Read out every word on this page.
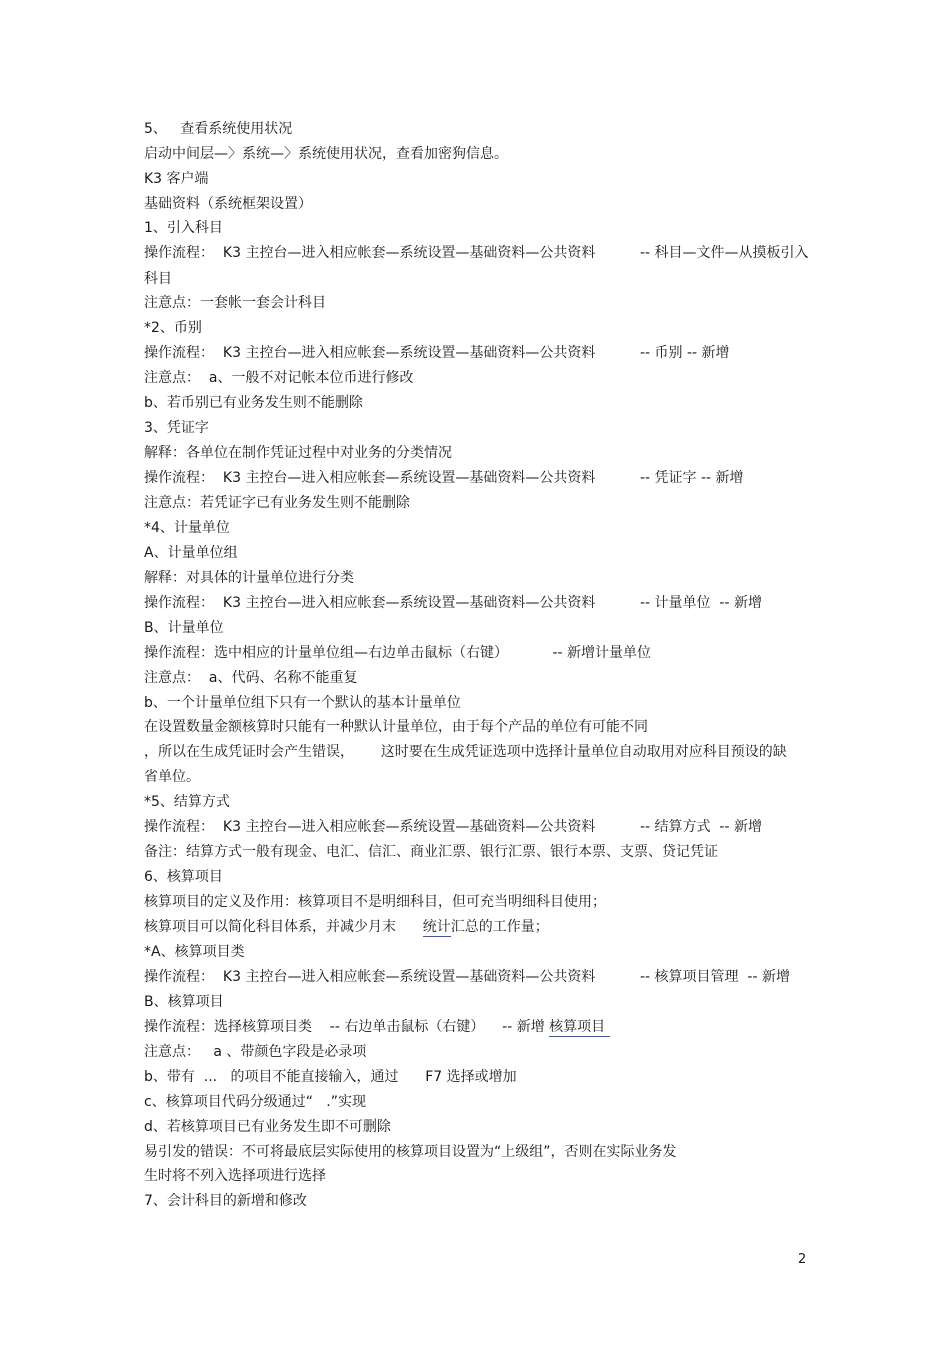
5、   查看系统使用状况
启动中间层—〉系统—〉系统使用状况，查看加密狗信息。
K3 客户端
基础资料（系统框架设置）
1、引入科目
操作流程：  K3 主控台—进入相应帐套—系统设置—基础资料—公共资料          -- 科目—文件—从摸板引入
科目
注意点：一套帐一套会计科目
*2、币别
操作流程：  K3 主控台—进入相应帐套—系统设置—基础资料—公共资料          -- 币别 -- 新增
注意点：  a、一般不对记帐本位币进行修改
b、若币别已有业务发生则不能删除
3、凭证字
解释：各单位在制作凭证过程中对业务的分类情况
操作流程：  K3 主控台—进入相应帐套—系统设置—基础资料—公共资料          -- 凭证字 -- 新增
注意点：若凭证字已有业务发生则不能删除
*4、计量单位
A、计量单位组
解释：对具体的计量单位进行分类
操作流程：  K3 主控台—进入相应帐套—系统设置—基础资料—公共资料          -- 计量单位  -- 新增
B、计量单位
操作流程：选中相应的计量单位组—右边单击鼠标（右键）          -- 新增计量单位
注意点：  a、代码、名称不能重复
b、一个计量单位组下只有一个默认的基本计量单位
在设置数量金额核算时只能有一种默认计量单位，由于每个产品的单位有可能不同
，所以在生成凭证时会产生错误，      这时要在生成凭证选项中选择计量单位自动取用对应科目预设的缺
省单位。
*5、结算方式
操作流程：  K3 主控台—进入相应帐套—系统设置—基础资料—公共资料          -- 结算方式  -- 新增
备注：结算方式一般有现金、电汇、信汇、商业汇票、银行汇票、银行本票、支票、贷记凭证
6、核算项目
核算项目的定义及作用：核算项目不是明细科目，但可充当明细科目使用；
核算项目可以简化科目体系，并减少月末      统计汇总的工作量；
*A、核算项目类
操作流程：  K3 主控台—进入相应帐套—系统设置—基础资料—公共资料          -- 核算项目管理  -- 新增
B、核算项目
操作流程：选择核算项目类    -- 右边单击鼠标（右键）    -- 新增 核算项目
注意点：   a 、带颜色字段是必录项
b、带有  ...   的项目不能直接输入，通过      F7 选择或增加
c、核算项目代码分级通过“   .”实现
d、若核算项目已有业务发生即不可删除
易引发的错误：不可将最底层实际使用的核算项目设置为“上级组”，否则在实际业务发
生时将不列入选择项进行选择
7、会计科目的新增和修改
2
